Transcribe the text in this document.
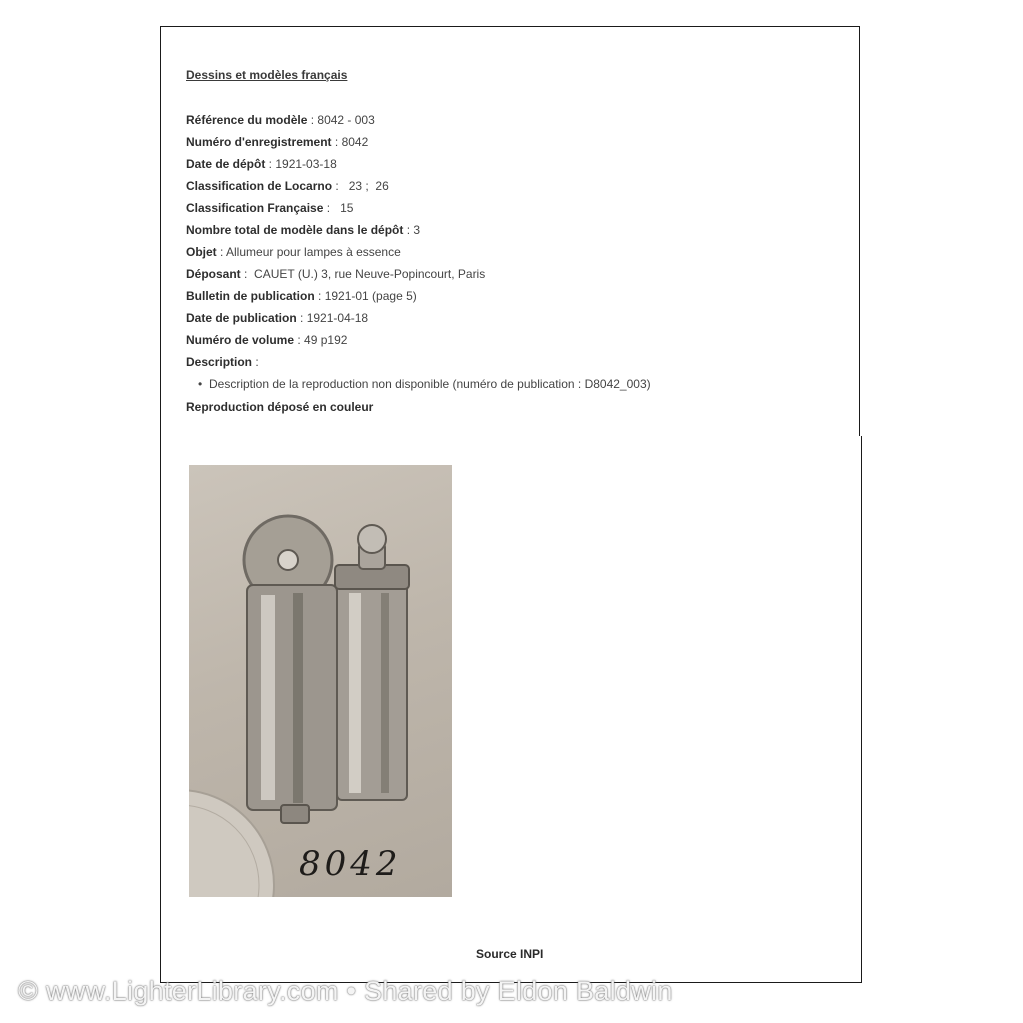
Dessins et modèles français
Référence du modèle : 8042 - 003
Numéro d'enregistrement : 8042
Date de dépôt : 1921-03-18
Classification de Locarno :   23 ;  26
Classification Française :   15
Nombre total de modèle dans le dépôt : 3
Objet : Allumeur pour lampes à essence
Déposant :  CAUET (U.) 3, rue Neuve-Popincourt, Paris
Bulletin de publication : 1921-01 (page 5)
Date de publication : 1921-04-18
Numéro de volume : 49 p192
Description :
• Description de la reproduction non disponible (numéro de publication : D8042_003)
Reproduction déposé en couleur
8042
Source INPI
© www.LighterLibrary.com • Shared by Eldon Baldwin
